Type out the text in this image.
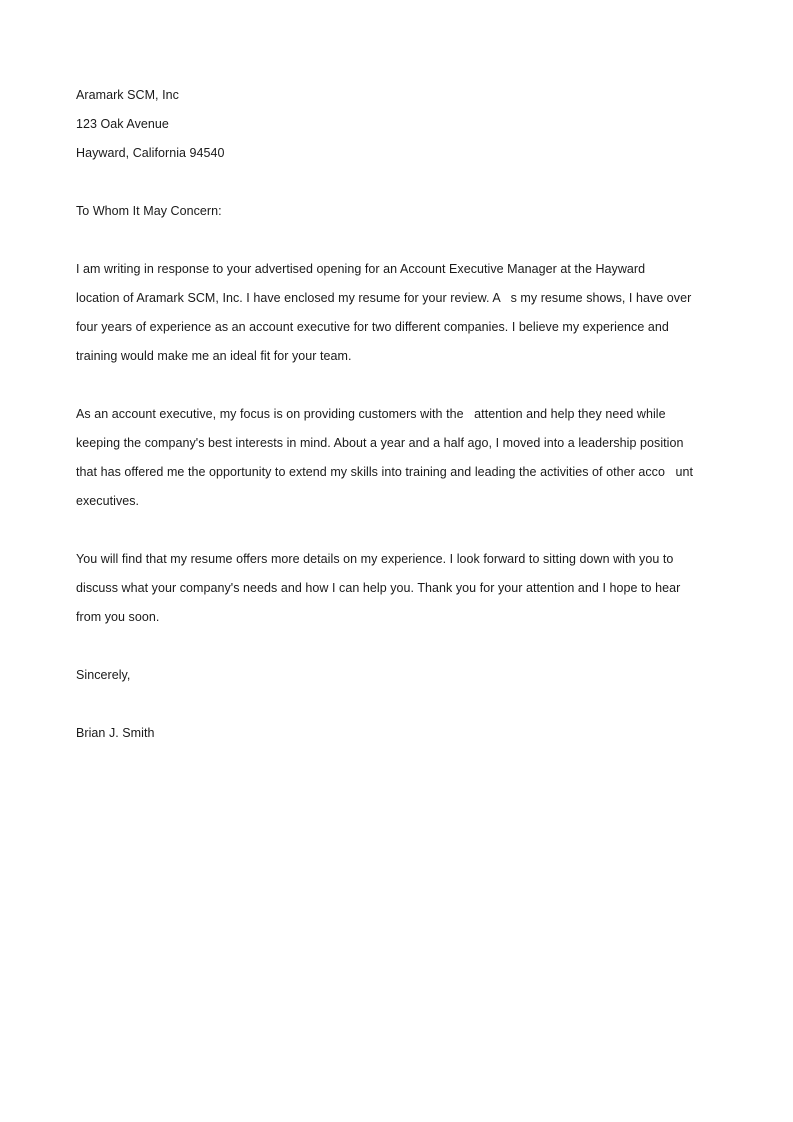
Aramark SCM, Inc
123 Oak Avenue
Hayward, California 94540
To Whom It May Concern:
I am writing in response to your advertised opening for an Account Executive Manager at the Hayward
location of Aramark SCM, Inc. I have enclosed my resume for your review. A   s my resume shows, I have over
four years of experience as an account executive for two different companies. I believe my experience and
training would make me an ideal fit for your team.
As an account executive, my focus is on providing customers with the   attention and help they need while
keeping the company's best interests in mind. About a year and a half ago, I moved into a leadership position
that has offered me the opportunity to extend my skills into training and leading the activities of other acco   unt
executives.
You will find that my resume offers more details on my experience. I look forward to sitting down with you to
discuss what your company's needs and how I can help you. Thank you for your attention and I hope to hear
from you soon.
Sincerely,
Brian J. Smith
